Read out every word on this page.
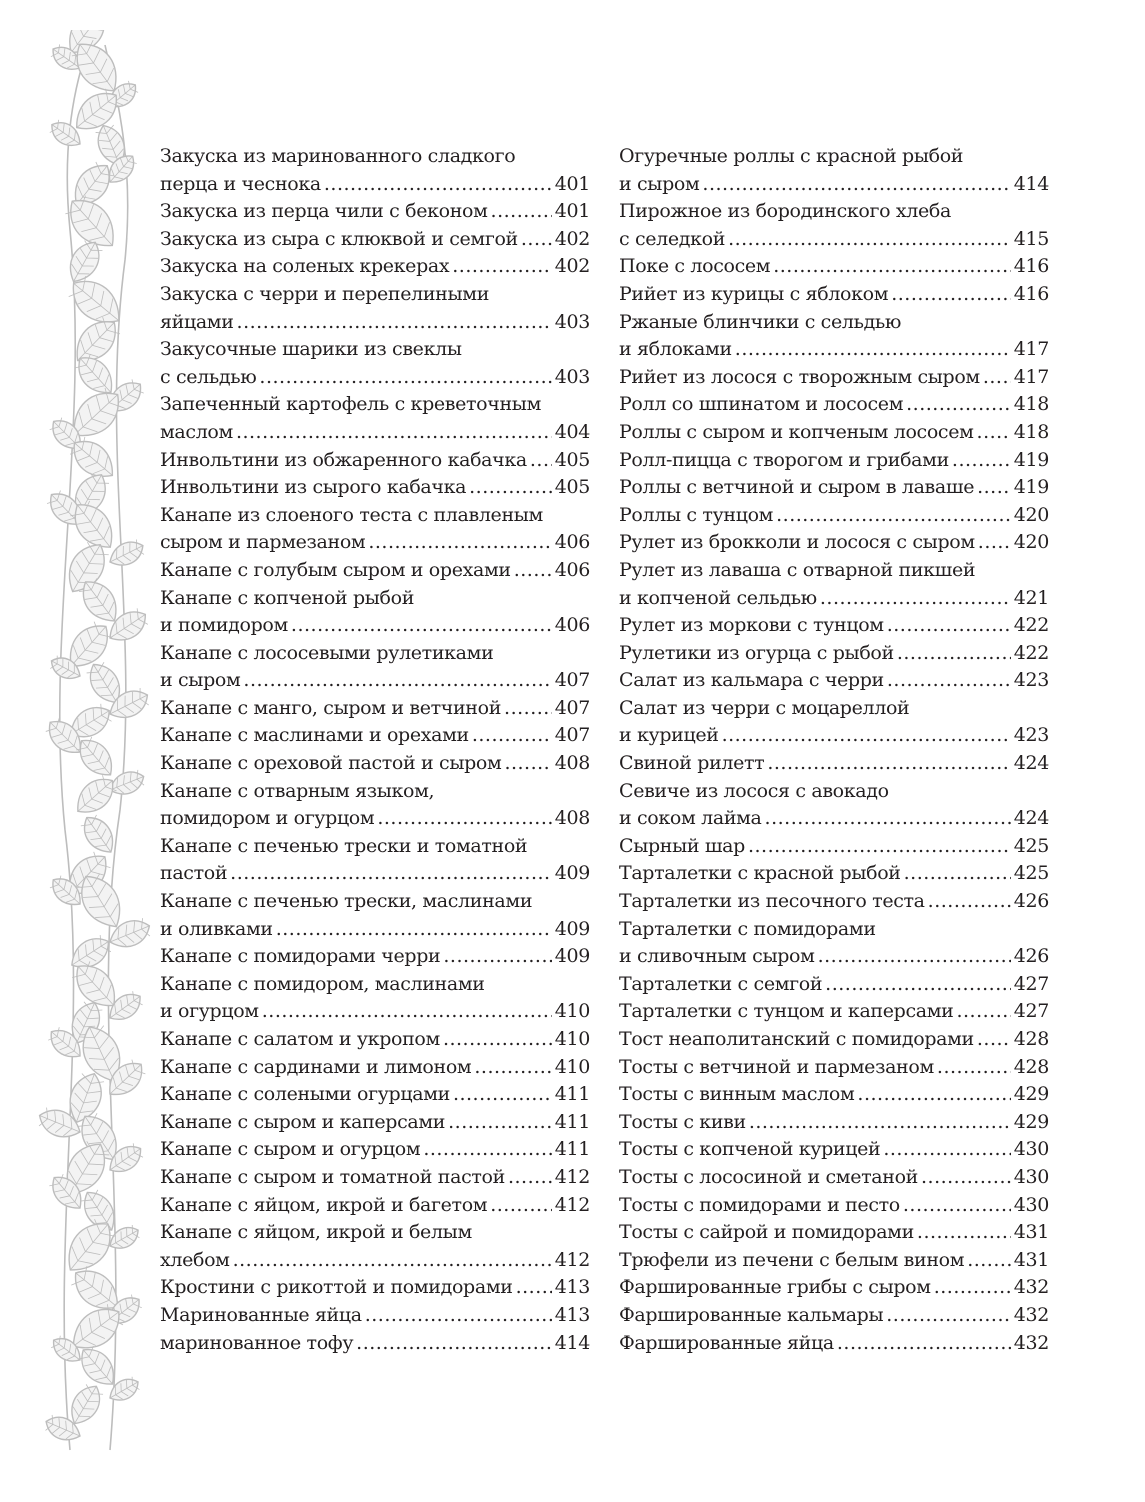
Закуска из маринованного сладкого
перца и чеснока .....	401
Закуска из перца чили с беконом .....	401
Закуска из сыра с клюквой и семгой ..... 402
Закуска на соленых крекерах .....	402
Закуска с черри и перепелиными
яйцами .....	403
Закусочные шарики из свеклы
с сельдью .....	403
Запеченный картофель с креветочным
маслом .....	404
Инвольтини из обжаренного кабачка ..... 405
Инвольтини из сырого кабачка .....	405
Канапе из слоеного теста с плавленым
сыром и пармезаном .....	406
Канапе с голубым сыром и орехами ..... 406
Канапе с копченой рыбой
и помидором .....	406
Канапе с лососевыми рулетиками
и сыром .....	407
Канапе с манго, сыром и ветчиной .....	407
Канапе с маслинами и орехами .....	407
Канапе с ореховой пастой и сыром .....	408
Канапе с отварным языком,
помидором и огурцом .....	408
Канапе с печенью трески и томатной
пастой .....	409
Канапе с печенью трески, маслинами
и оливками .....	409
Канапе с помидорами черри .....	409
Канапе с помидором, маслинами
и огурцом .....	410
Канапе с салатом и укропом .....	410
Канапе с сардинами и лимоном .....	410
Канапе с солеными огурцами .....	411
Канапе с сыром и каперсами .....	411
Канапе с сыром и огурцом .....	411
Канапе с сыром и томатной пастой .....	412
Канапе с яйцом, икрой и багетом .....	412
Канапе с яйцом, икрой и белым
хлебом .....	412
Кростини с рикоттой и помидорами ..... 413
Маринованные яйца .....	413
маринованное тофу .....	414
Огуречные роллы с красной рыбой
и сыром .....	414
Пирожное из бородинского хлеба
с селедкой .....	415
Поке с лососем .....	416
Рийет из курицы с яблоком .....	416
Ржаные блинчики с сельдью
и яблоками .....	417
Рийет из лосося с творожным сыром ..... 417
Ролл со шпинатом и лососем .....	418
Роллы с сыром и копченым лососем ..... 418
Ролл-пицца с творогом и грибами .....	419
Роллы с ветчиной и сыром в лаваше ..... 419
Роллы с тунцом .....	420
Рулет из брокколи и лосося с сыром ..... 420
Рулет из лаваша с отварной пикшей
и копченой сельдью .....	421
Рулет из моркови с тунцом .....	422
Рулетики из огурца с рыбой .....	422
Салат из кальмара с черри .....	423
Салат из черри с моцареллой
и курицей .....	423
Свиной рилетт .....	424
Севиче из лосося с авокадо
и соком лайма .....	424
Сырный шар .....	425
Тарталетки с красной рыбой .....	425
Тарталетки из песочного теста .....	426
Тарталетки с помидорами
и сливочным сыром .....	426
Тарталетки с семгой .....	427
Тарталетки с тунцом и каперсами .....	427
Тост неаполитанский с помидорами ..... 428
Тосты с ветчиной и пармезаном .....	428
Тосты с винным маслом .....	429
Тосты с киви .....	429
Тосты с копченой курицей .....	430
Тосты с лососиной и сметаной .....	430
Тосты с помидорами и песто .....	430
Тосты с сайрой и помидорами .....	431
Трюфели из печени с белым вином .....	431
Фаршированные грибы с сыром .....	432
Фаршированные кальмары .....	432
Фаршированные яйца .....	432
